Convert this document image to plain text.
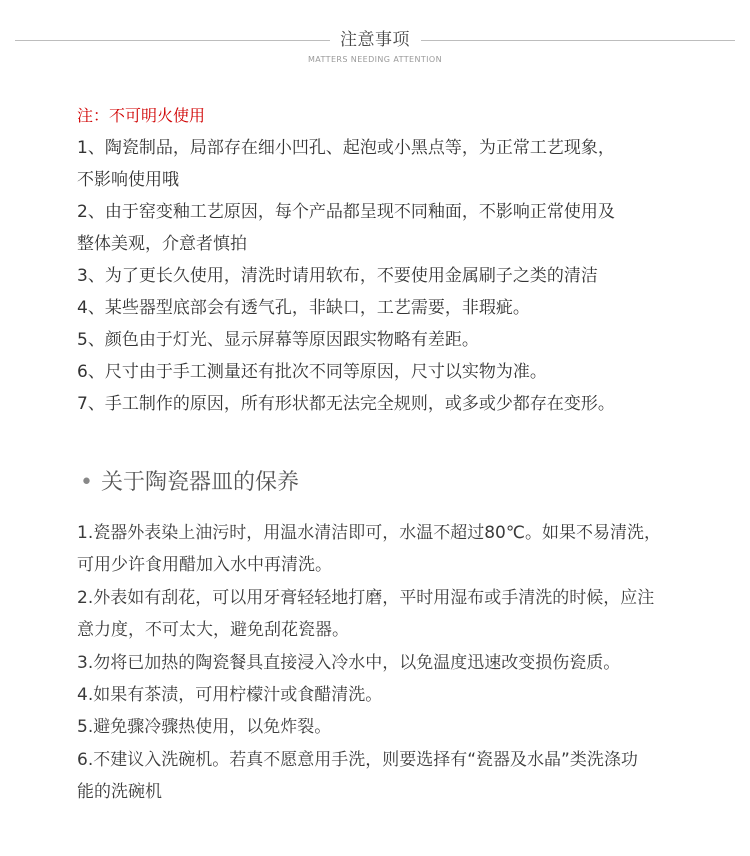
注意事项
MATTERS NEEDING ATTENTION
注：不可明火使用
1、陶瓷制品，局部存在细小凹孔、起泡或小黑点等，为正常工艺现象，
不影响使用哦
2、由于窑变釉工艺原因，每个产品都呈现不同釉面，不影响正常使用及
整体美观，介意者慎拍
3、为了更长久使用，清洗时请用软布，不要使用金属刷子之类的清洁
4、某些器型底部会有透气孔，非缺口，工艺需要，非瑕疵。
5、颜色由于灯光、显示屏幕等原因跟实物略有差距。
6、尺寸由于手工测量还有批次不同等原因，尺寸以实物为准。
7、手工制作的原因，所有形状都无法完全规则，或多或少都存在变形。
• 关于陶瓷器皿的保养
1.瓷器外表染上油污时，用温水清洁即可，水温不超过80℃。如果不易清洗，
可用少许食用醋加入水中再清洗。
2.外表如有刮花，可以用牙膏轻轻地打磨，平时用湿布或手清洗的时候，应注
意力度，不可太大，避免刮花瓷器。
3.勿将已加热的陶瓷餐具直接浸入冷水中，以免温度迅速改变损伤瓷质。
4.如果有茶渍，可用柠檬汁或食醋清洗。
5.避免骤冷骤热使用，以免炸裂。
6.不建议入洗碗机。若真不愿意用手洗，则要选择有“瓷器及水晶”类洗涤功
能的洗碗机
